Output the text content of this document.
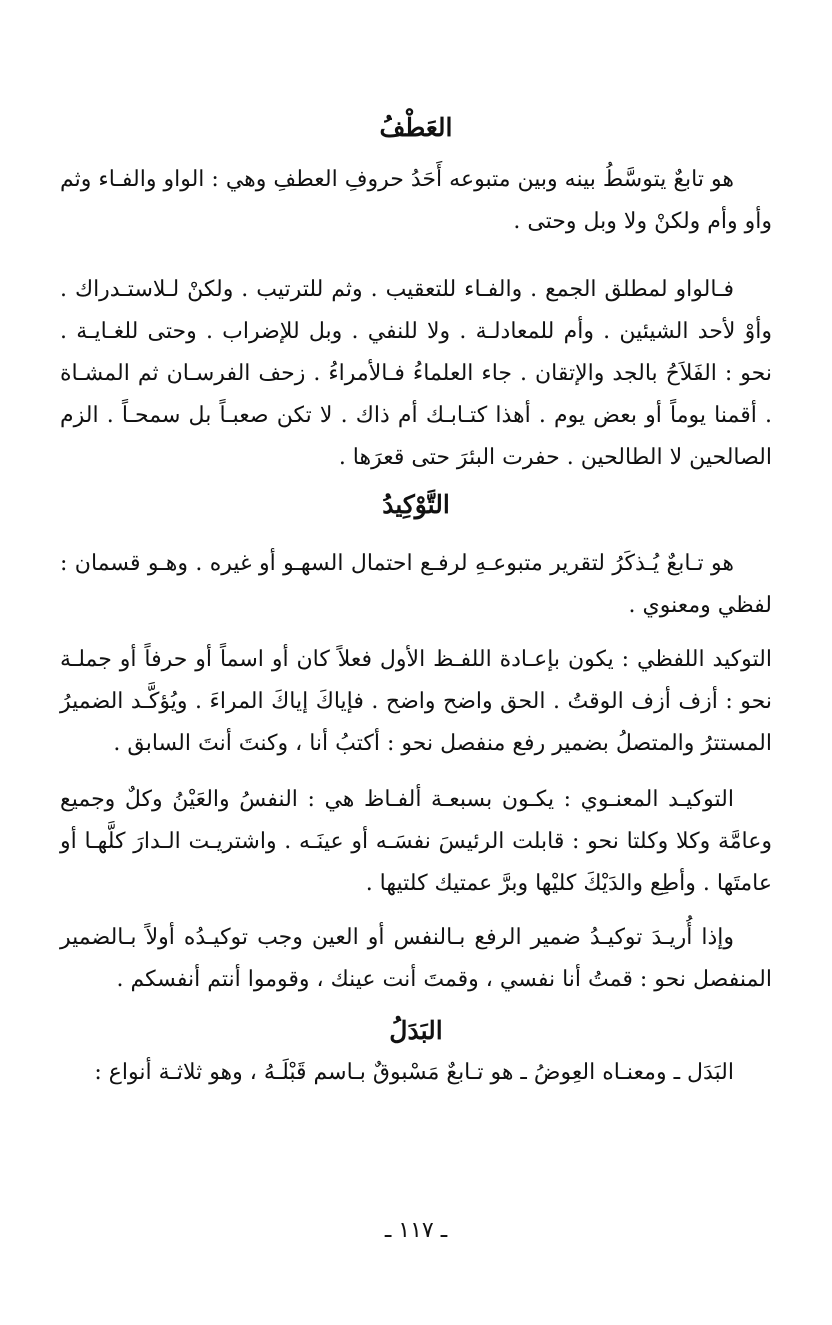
العَطْفُ

هو تابعٌ يتوسَّطُ بينه وبين متبوعه أَحَدُ حروفِ العطفِ وهي : الواو والفـاء وثم وأو وأم ولكنْ ولا وبل وحتى .

فـالواو لمطلق الجمع . والفـاء للتعقيب . وثم للترتيب . ولكنْ لـلاستـدراك . وأوْ لأحد الشيئين . وأم للمعادلـة . ولا للنفي . وبل للإضراب . وحتى للغـايـة . نحو : الفَلاَحُ بالجد والإتقان . جاء العلماءُ فـالأمراءُ . زحف الفرسـان ثم المشـاة . أقمنا يوماً أو بعض يوم . أهذا كتـابـك أم ذاك . لا تكن صعبـاً بل سمحـاً . الزم الصالحين لا الطالحين . حفرت البئرَ حتى قعرَها .

التَّوْكِيدُ

هو تـابعٌ يُـذكَرُ لتقرير متبوعـهِ لرفـع احتمال السهـو أو غيره . وهـو قسمان : لفظي ومعنوي .

التوكيد اللفظي : يكون بإعـادة اللفـظ الأول فعلاً كان أو اسماً أو حرفاً أو جملـة نحو : أزف أزف الوقتُ . الحق واضح واضح . فإياكَ إياكَ المراءَ . ويُؤكَّـد الضميرُ المستترُ والمتصلُ بضمير رفع منفصل نحو : أكتبُ أنا ، وكنتَ أنتَ السابق .

التوكيـد المعنـوي : يكـون بسبعـة ألفـاظ هي : النفسُ والعَيْنُ وكلٌ وجميع وعامَّة وكلا وكلتا نحو : قابلت الرئيسَ نفسَـه أو عينَـه . واشتريـت الـدارَ كلَّهـا أو عامتَها . وأطِع والدَيْكَ كليْها وبرَّ عمتيك كلتيها .

وإذا أُريـدَ توكيـدُ ضمير الرفع بـالنفس أو العين وجب توكيـدُه أولاً بـالضمير المنفصل نحو : قمتُ أنا نفسي ، وقمتَ أنت عينك ، وقوموا أنتم أنفسكم .

البَدَلُ

البَدَل ـ ومعنـاه العِوضُ ـ هو تـابعٌ مَسْبوقٌ بـاسم قَبْلَـهُ ، وهو ثلاثـة أنواع :

ـ ١١٧ ـ
